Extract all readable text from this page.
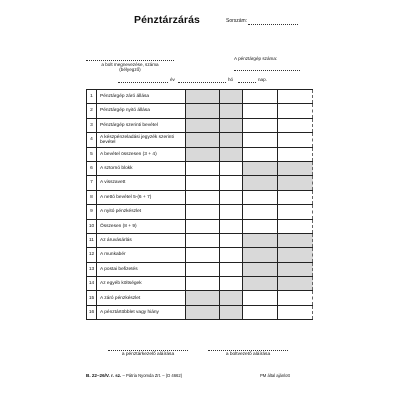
Pénztárzárás	Sorszám:
a bolt megnevezése, száma
(bélyegző)
A pénztárgép száma:
év	hó	nap.
1	Pénztárgép záró állása				
2	Pénztárgép nyitó állása				
3	Pénztárgép szerinti bevétel				
4	A készpénzeladási jegyzék szerinti bevétel				
5	A bevétel összesen (3 + 4)				
6	A sztornó blokk				
7	A visszavett				
8	A nettó bevétel 5-(6 + 7)				
9	A nyitó pénzkészlet				
10	Összesen (8 + 9)				
11	Az áruvásárlás				
12	A munkabér				
13	A postai befizetés				
14	Az egyéb költségek				
15	A záró pénzkészlet				
16	A pénztártöbblet vagy hiány				
a pénztárkezelő aláírása	a boltvezető aláírása
B. 22–26/V. r. sz. – Pátria Nyomda Zrt. – (D 4662)	PM által ajánlott
